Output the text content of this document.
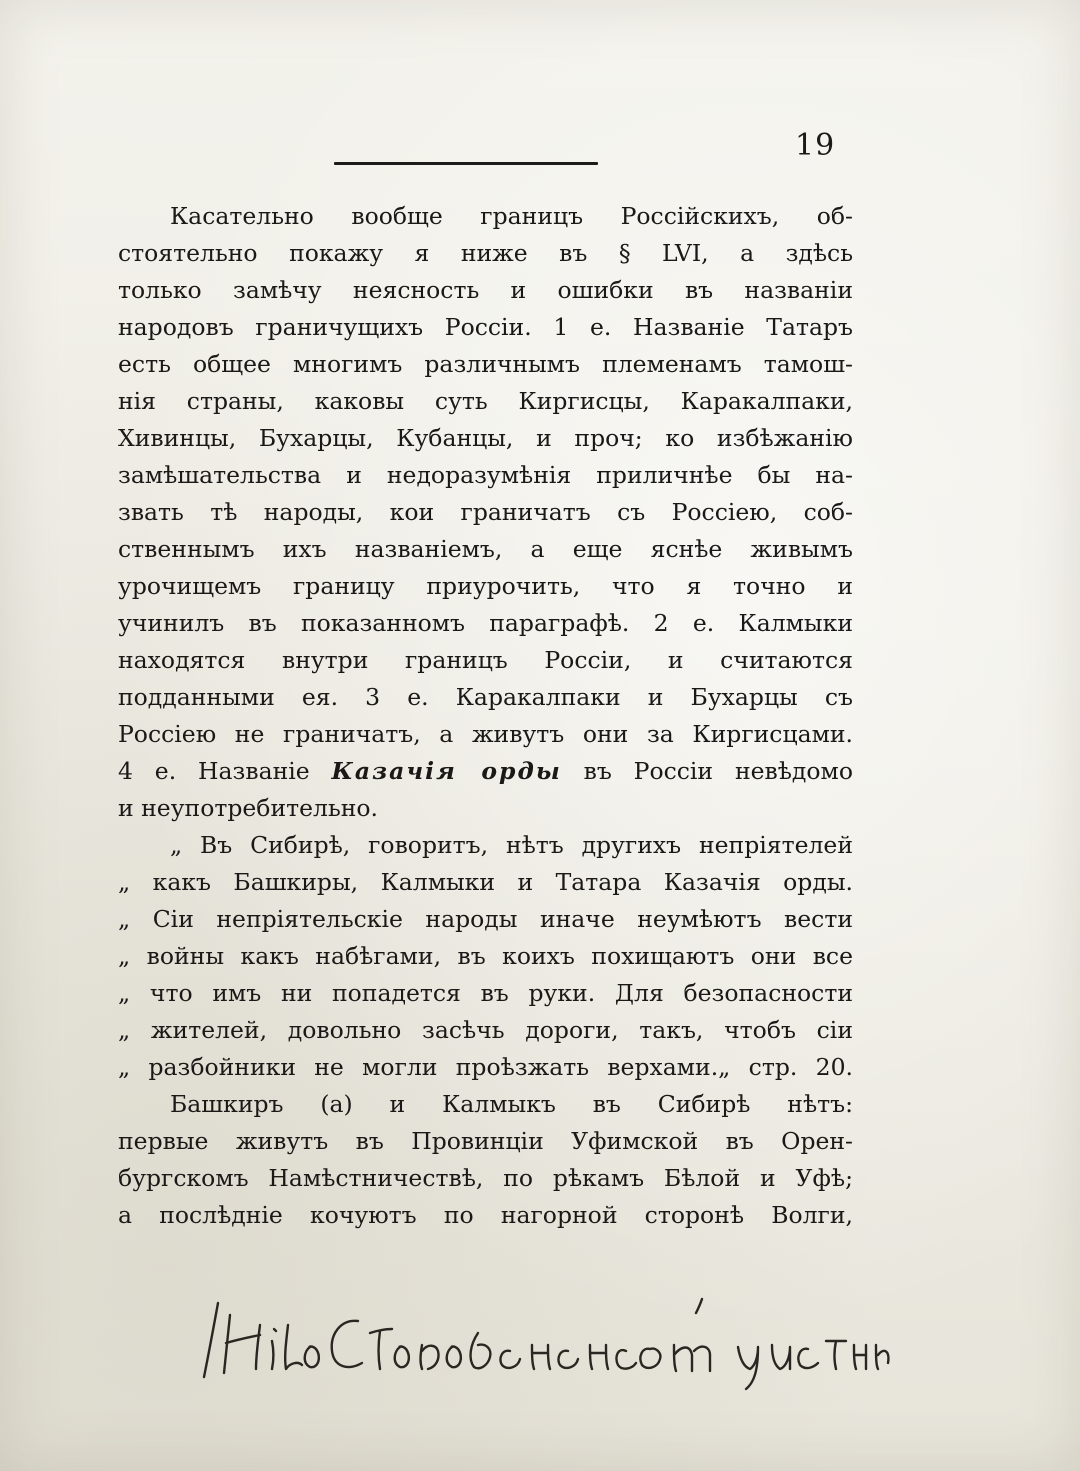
19
Касательно вообще границъ Россiйскихъ, об-
стоятельно покажу я ниже въ § LVI, а здѣсь
только замѣчу неясность и ошибки въ названiи
народовъ граничущихъ Россiи. 1 е. Названiе Татаръ
есть общее многимъ различнымъ племенамъ тамош-
нiя страны, каковы суть Киргисцы, Каракалпаки,
Хивинцы, Бухарцы, Кубанцы, и проч; ко избѣжанiю
замѣшательства и недоразумѣнiя приличнѣе бы на-
звать тѣ народы, кои граничатъ съ Россiею, соб-
ственнымъ ихъ названiемъ, а еще яснѣе живымъ
урочищемъ границу приурочить, что я точно и
учинилъ въ показанномъ параграфѣ. 2 е. Калмыки
находятся внутри границъ Россiи, и считаются
подданными ея. 3 е. Каракалпаки и Бухарцы съ
Россiею не граничатъ, а живутъ они за Киргисцами.
4 е. Названiе Казачiя орды въ Россiи невѣдомо
и неупотребительно.
„ Въ Сибирѣ, говоритъ, нѣтъ другихъ непрiятелей
„ какъ Башкиры, Калмыки и Татара Казачiя орды.
„ Сiи непрiятельскiе народы иначе неумѣютъ вести
„ войны какъ набѣгами, въ коихъ похищаютъ они все
„ что имъ ни попадется въ руки. Для безопасности
„ жителей, довольно засѣчь дороги, такъ, чтобъ сiи
„ разбойники не могли проѣзжать верхами.„ стр. 20.
Башкиръ (а) и Калмыкъ въ Сибирѣ нѣтъ:
первые живутъ въ Провинцiи Уфимской въ Орен-
бургскомъ Намѣстничествѣ, по рѣкамъ Бѣлой и Уфѣ;
а послѣднiе кочуютъ по нагорной сторонѣ Волги,
